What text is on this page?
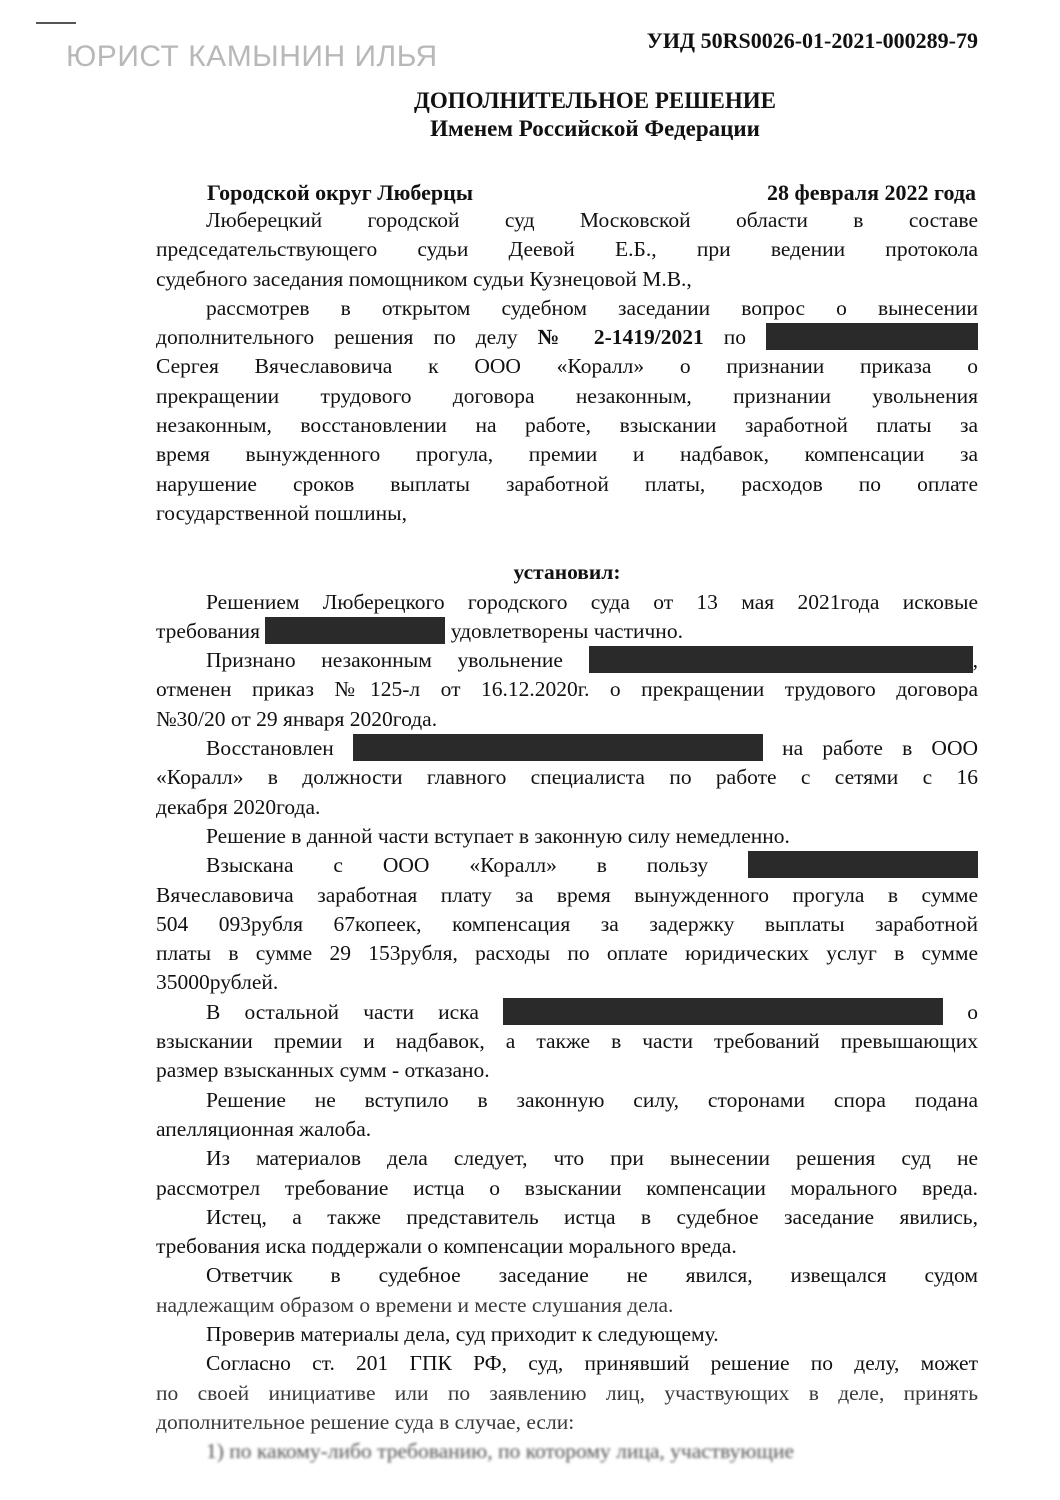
ЮРИСТ КАМЫНИН ИЛЬЯ	УИД 50RS0026-01-2021-000289-79
ДОПОЛНИТЕЛЬНОЕ РЕШЕНИЕ
Именем Российской Федерации
Городской округ Люберцы	28 февраля 2022 года
Люберецкий городской суд Московской области в составе
председательствующего судьи Деевой Е.Б., при ведении протокола
судебного заседания помощником судьи Кузнецовой М.В.,
рассмотрев в открытом судебном заседании вопрос о вынесении
дополнительного решения по делу № 2-1419/2021 по
Сергея Вячеславовича к ООО «Коралл» о признании приказа о
прекращении трудового договора незаконным, признании увольнения
незаконным, восстановлении на работе, взыскании заработной платы за
время вынужденного прогула, премии и надбавок, компенсации за
нарушение сроков выплаты заработной платы, расходов по оплате
государственной пошлины,

установил:

Решением Люберецкого городского суда от 13 мая 2021года исковые
требования	удовлетворены частично.
Признано незаконным увольнение	,
отменен приказ №125-л от 16.12.2020г. о прекращении трудового договора
№30/20 от 29 января 2020года.
Восстановлен	на работе в ООО
«Коралл» в должности главного специалиста по работе с сетями с 16
декабря 2020года.
Решение в данной части вступает в законную силу немедленно.
Взыскана с ООО «Коралл» в пользу
Вячеславовича заработная плату за время вынужденного прогула в сумме
504 093рубля 67копеек, компенсация за задержку выплаты заработной
платы в сумме 29 153рубля, расходы по оплате юридических услуг в сумме
35000рублей.
В остальной части иска	о
взыскании премии и надбавок, а также в части требований превышающих
размер взысканных сумм - отказано.
Решение не вступило в законную силу, сторонами спора подана
апелляционная жалоба.
Из материалов дела следует, что при вынесении решения суд не
рассмотрел требование истца о взыскании компенсации морального вреда.
Истец, а также представитель истца в судебное заседание явились,
требования иска поддержали о компенсации морального вреда.
Ответчик в судебное заседание не явился, извещался судом
надлежащим образом о времени и месте слушания дела.
Проверив материалы дела, суд приходит к следующему.
Согласно ст. 201 ГПК РФ, суд, принявший решение по делу, может
по своей инициативе или по заявлению лиц, участвующих в деле, принять
дополнительное решение суда в случае, если:
1) по какому-либо требованию, по которому лица, участвующие
